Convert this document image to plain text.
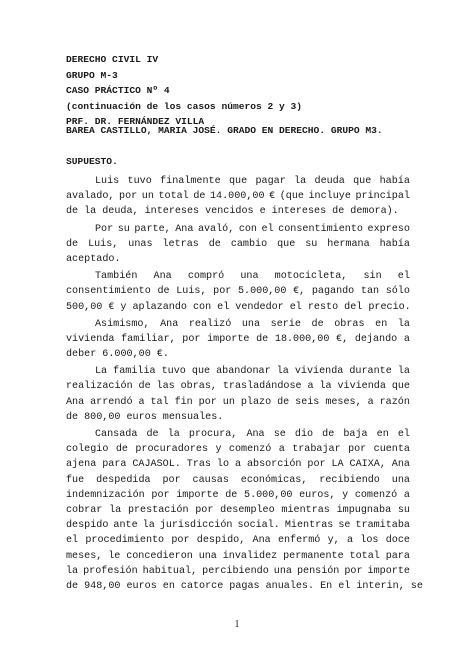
DERECHO CIVIL IV
GRUPO M-3
CASO PRÁCTICO Nº 4
(continuación de los casos números 2 y 3)
PRF. DR. FERNÁNDEZ VILLA
BAREA CASTILLO, MARIA JOSÉ. GRADO EN DERECHO. GRUPO M3.
SUPUESTO.
Luis tuvo finalmente que pagar la deuda que había
avalado, por un total de 14.000,00 € (que incluye principal
de la deuda, intereses vencidos e intereses de demora).
Por su parte, Ana avaló, con el consentimiento expreso
de Luis, unas letras de cambio que su hermana había
aceptado.
También Ana compró una motocicleta, sin el
consentimiento de Luis, por 5.000,00 €, pagando tan sólo
500,00 € y aplazando con el vendedor el resto del precio.
Asimismo, Ana realizó una serie de obras en la
vivienda familiar, por importe de 18.000,00 €, dejando a
deber 6.000,00 €.
La familia tuvo que abandonar la vivienda durante la
realización de las obras, trasladándose a la vivienda que
Ana arrendó a tal fin por un plazo de seis meses, a razón
de 800,00 euros mensuales.
Cansada de la procura, Ana se dio de baja en el
colegio de procuradores y comenzó a trabajar por cuenta
ajena para CAJASOL. Tras lo a absorción por LA CAIXA, Ana
fue despedida por causas económicas, recibiendo una
indemnización por importe de 5.000,00 euros, y comenzó a
cobrar la prestación por desempleo mientras impugnaba su
despido ante la jurisdicción social. Mientras se tramitaba
el procedimiento por despido, Ana enfermó y, a los doce
meses, le concedieron una invalidez permanente total para
la profesión habitual, percibiendo una pensión por importe
de 948,00 euros en catorce pagas anuales. En el interin, se
1
